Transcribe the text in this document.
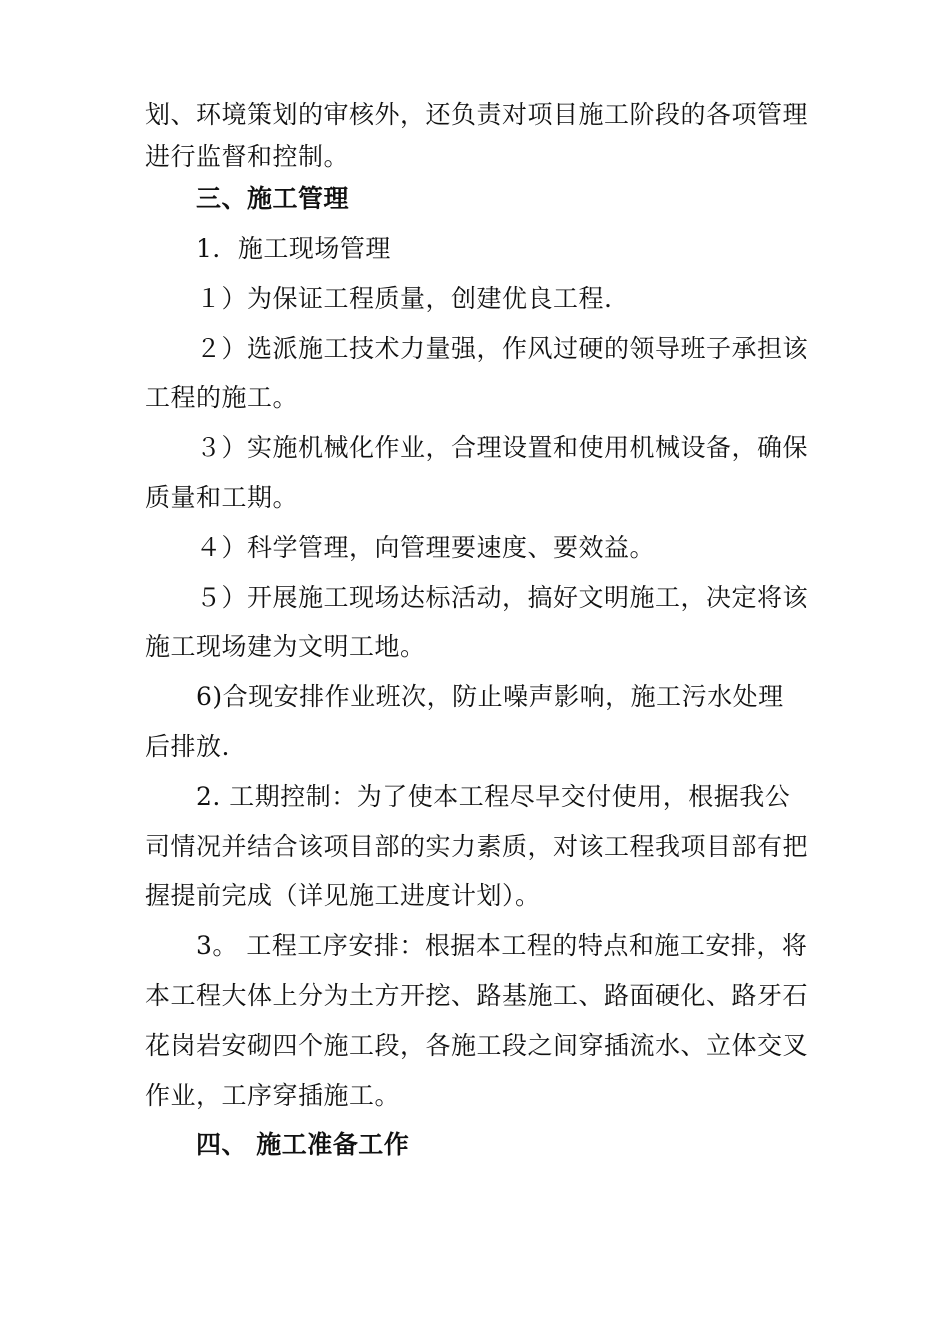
划、环境策划的审核外，还负责对项目施工阶段的各项管理
进行监督和控制。
三、施工管理
1．施工现场管理
１）为保证工程质量，创建优良工程.
２）选派施工技术力量强，作风过硬的领导班子承担该
工程的施工。
３）实施机械化作业，合理设置和使用机械设备，确保
质量和工期。
４）科学管理，向管理要速度、要效益。
５）开展施工现场达标活动，搞好文明施工，决定将该
施工现场建为文明工地。
6)合现安排作业班次，防止噪声影响，施工污水处理
后排放.
2. 工期控制：为了使本工程尽早交付使用，根据我公
司情况并结合该项目部的实力素质，对该工程我项目部有把
握提前完成（详见施工进度计划）。
3。 工程工序安排：根据本工程的特点和施工安排，将
本工程大体上分为土方开挖、路基施工、路面硬化、路牙石
花岗岩安砌四个施工段，各施工段之间穿插流水、立体交叉
作业，工序穿插施工。
四、 施工准备工作
